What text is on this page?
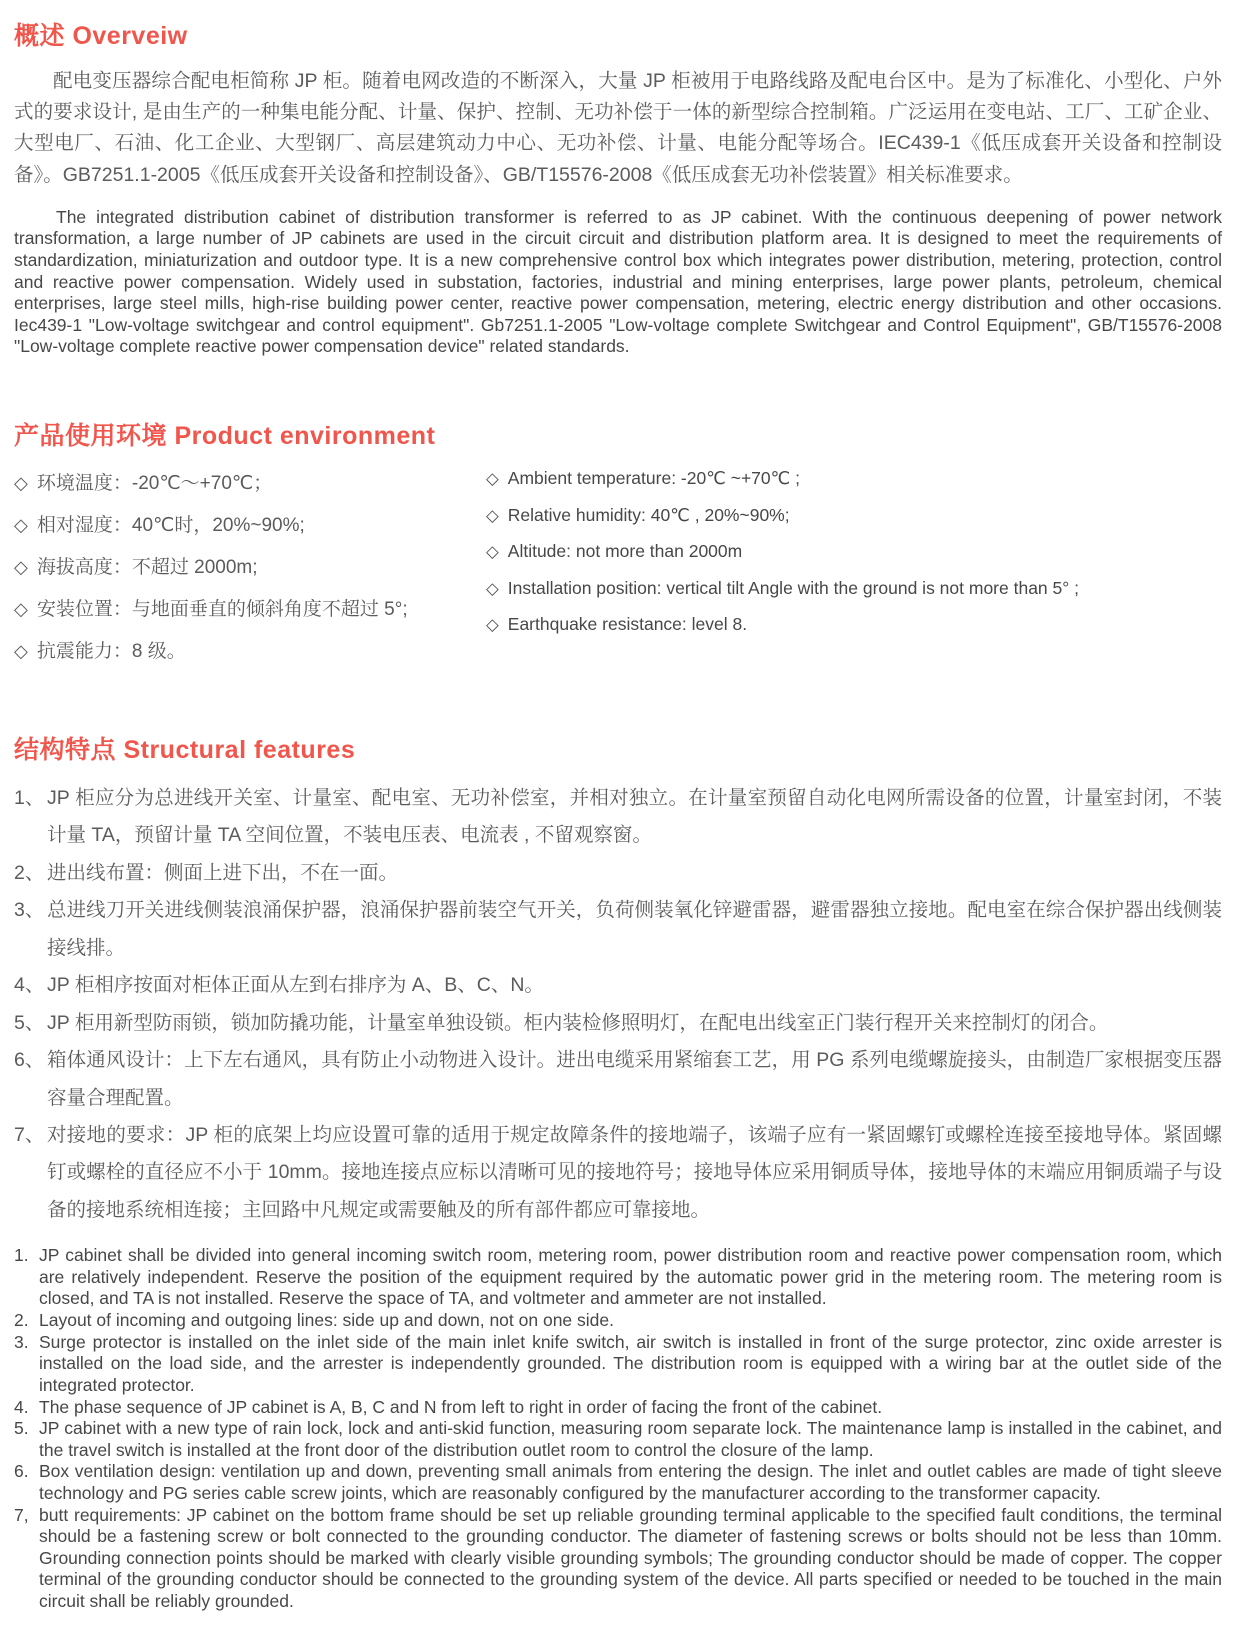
概述 Overveiw

配电变压器综合配电柜简称 JP 柜。随着电网改造的不断深入，大量 JP 柜被用于电路线路及配电台区中。是为了标准化、小型化、户外式的要求设计, 是由生产的一种集电能分配、计量、保护、控制、无功补偿于一体的新型综合控制箱。广泛运用在变电站、工厂、工矿企业、大型电厂、石油、化工企业、大型钢厂、高层建筑动力中心、无功补偿、计量、电能分配等场合。IEC439-1《低压成套开关设备和控制设备》。GB7251.1-2005《低压成套开关设备和控制设备》、GB/T15576-2008《低压成套无功补偿装置》相关标准要求。

The integrated distribution cabinet of distribution transformer is referred to as JP cabinet. With the continuous deepening of power network transformation, a large number of JP cabinets are used in the circuit circuit and distribution platform area. It is designed to meet the requirements of standardization, miniaturization and outdoor type. It is a new comprehensive control box which integrates power distribution, metering, protection, control and reactive power compensation. Widely used in substation, factories, industrial and mining enterprises, large power plants, petroleum, chemical enterprises, large steel mills, high-rise building power center, reactive power compensation, metering, electric energy distribution and other occasions. Iec439-1 "Low-voltage switchgear and control equipment". Gb7251.1-2005 "Low-voltage complete Switchgear and Control Equipment", GB/T15576-2008 "Low-voltage complete reactive power compensation device" related standards.

产品使用环境 Product environment
◇ 环境温度：-20℃～+70℃；
◇ 相对湿度：40℃时，20%~90%;
◇ 海拔高度：不超过 2000m;
◇ 安装位置：与地面垂直的倾斜角度不超过 5°;
◇ 抗震能力：8 级。
◇ Ambient temperature: -20℃ ~+70℃ ;
◇ Relative humidity: 40℃ , 20%~90%;
◇ Altitude: not more than 2000m
◇ Installation position: vertical tilt Angle with the ground is not more than 5° ;
◇ Earthquake resistance: level 8.
结构特点 Structural features
1、 JP 柜应分为总进线开关室、计量室、配电室、无功补偿室，并相对独立。在计量室预留自动化电网所需设备的位置，计量室封闭，不装计量 TA，预留计量 TA 空间位置，不装电压表、电流表 , 不留观察窗。
2、 进出线布置：侧面上进下出，不在一面。
3、 总进线刀开关进线侧装浪涌保护器，浪涌保护器前装空气开关，负荷侧装氧化锌避雷器，避雷器独立接地。配电室在综合保护器出线侧装接线排。
4、 JP 柜相序按面对柜体正面从左到右排序为 A、B、C、N。
5、 JP 柜用新型防雨锁，锁加防撬功能，计量室单独设锁。柜内装检修照明灯，在配电出线室正门装行程开关来控制灯的闭合。
6、 箱体通风设计：上下左右通风，具有防止小动物进入设计。进出电缆采用紧缩套工艺，用 PG 系列电缆螺旋接头，由制造厂家根据变压器容量合理配置。
7、 对接地的要求：JP 柜的底架上均应设置可靠的适用于规定故障条件的接地端子，该端子应有一紧固螺钉或螺栓连接至接地导体。紧固螺钉或螺栓的直径应不小于 10mm。接地连接点应标以清晰可见的接地符号；接地导体应采用铜质导体，接地导体的末端应用铜质端子与设备的接地系统相连接；主回路中凡规定或需要触及的所有部件都应可靠接地。
1. JP cabinet shall be divided into general incoming switch room, metering room, power distribution room and reactive power compensation room, which are relatively independent. Reserve the position of the equipment required by the automatic power grid in the metering room. The metering room is closed, and TA is not installed. Reserve the space of TA, and voltmeter and ammeter are not installed.
2. Layout of incoming and outgoing lines: side up and down, not on one side.
3. Surge protector is installed on the inlet side of the main inlet knife switch, air switch is installed in front of the surge protector, zinc oxide arrester is installed on the load side, and the arrester is independently grounded. The distribution room is equipped with a wiring bar at the outlet side of the integrated protector.
4. The phase sequence of JP cabinet is A, B, C and N from left to right in order of facing the front of the cabinet.
5. JP cabinet with a new type of rain lock, lock and anti-skid function, measuring room separate lock. The maintenance lamp is installed in the cabinet, and the travel switch is installed at the front door of the distribution outlet room to control the closure of the lamp.
6. Box ventilation design: ventilation up and down, preventing small animals from entering the design. The inlet and outlet cables are made of tight sleeve technology and PG series cable screw joints, which are reasonably configured by the manufacturer according to the transformer capacity.
7, butt requirements: JP cabinet on the bottom frame should be set up reliable grounding terminal applicable to the specified fault conditions, the terminal should be a fastening screw or bolt connected to the grounding conductor. The diameter of fastening screws or bolts should not be less than 10mm. Grounding connection points should be marked with clearly visible grounding symbols; The grounding conductor should be made of copper. The copper terminal of the grounding conductor should be connected to the grounding system of the device. All parts specified or needed to be touched in the main circuit shall be reliably grounded.
